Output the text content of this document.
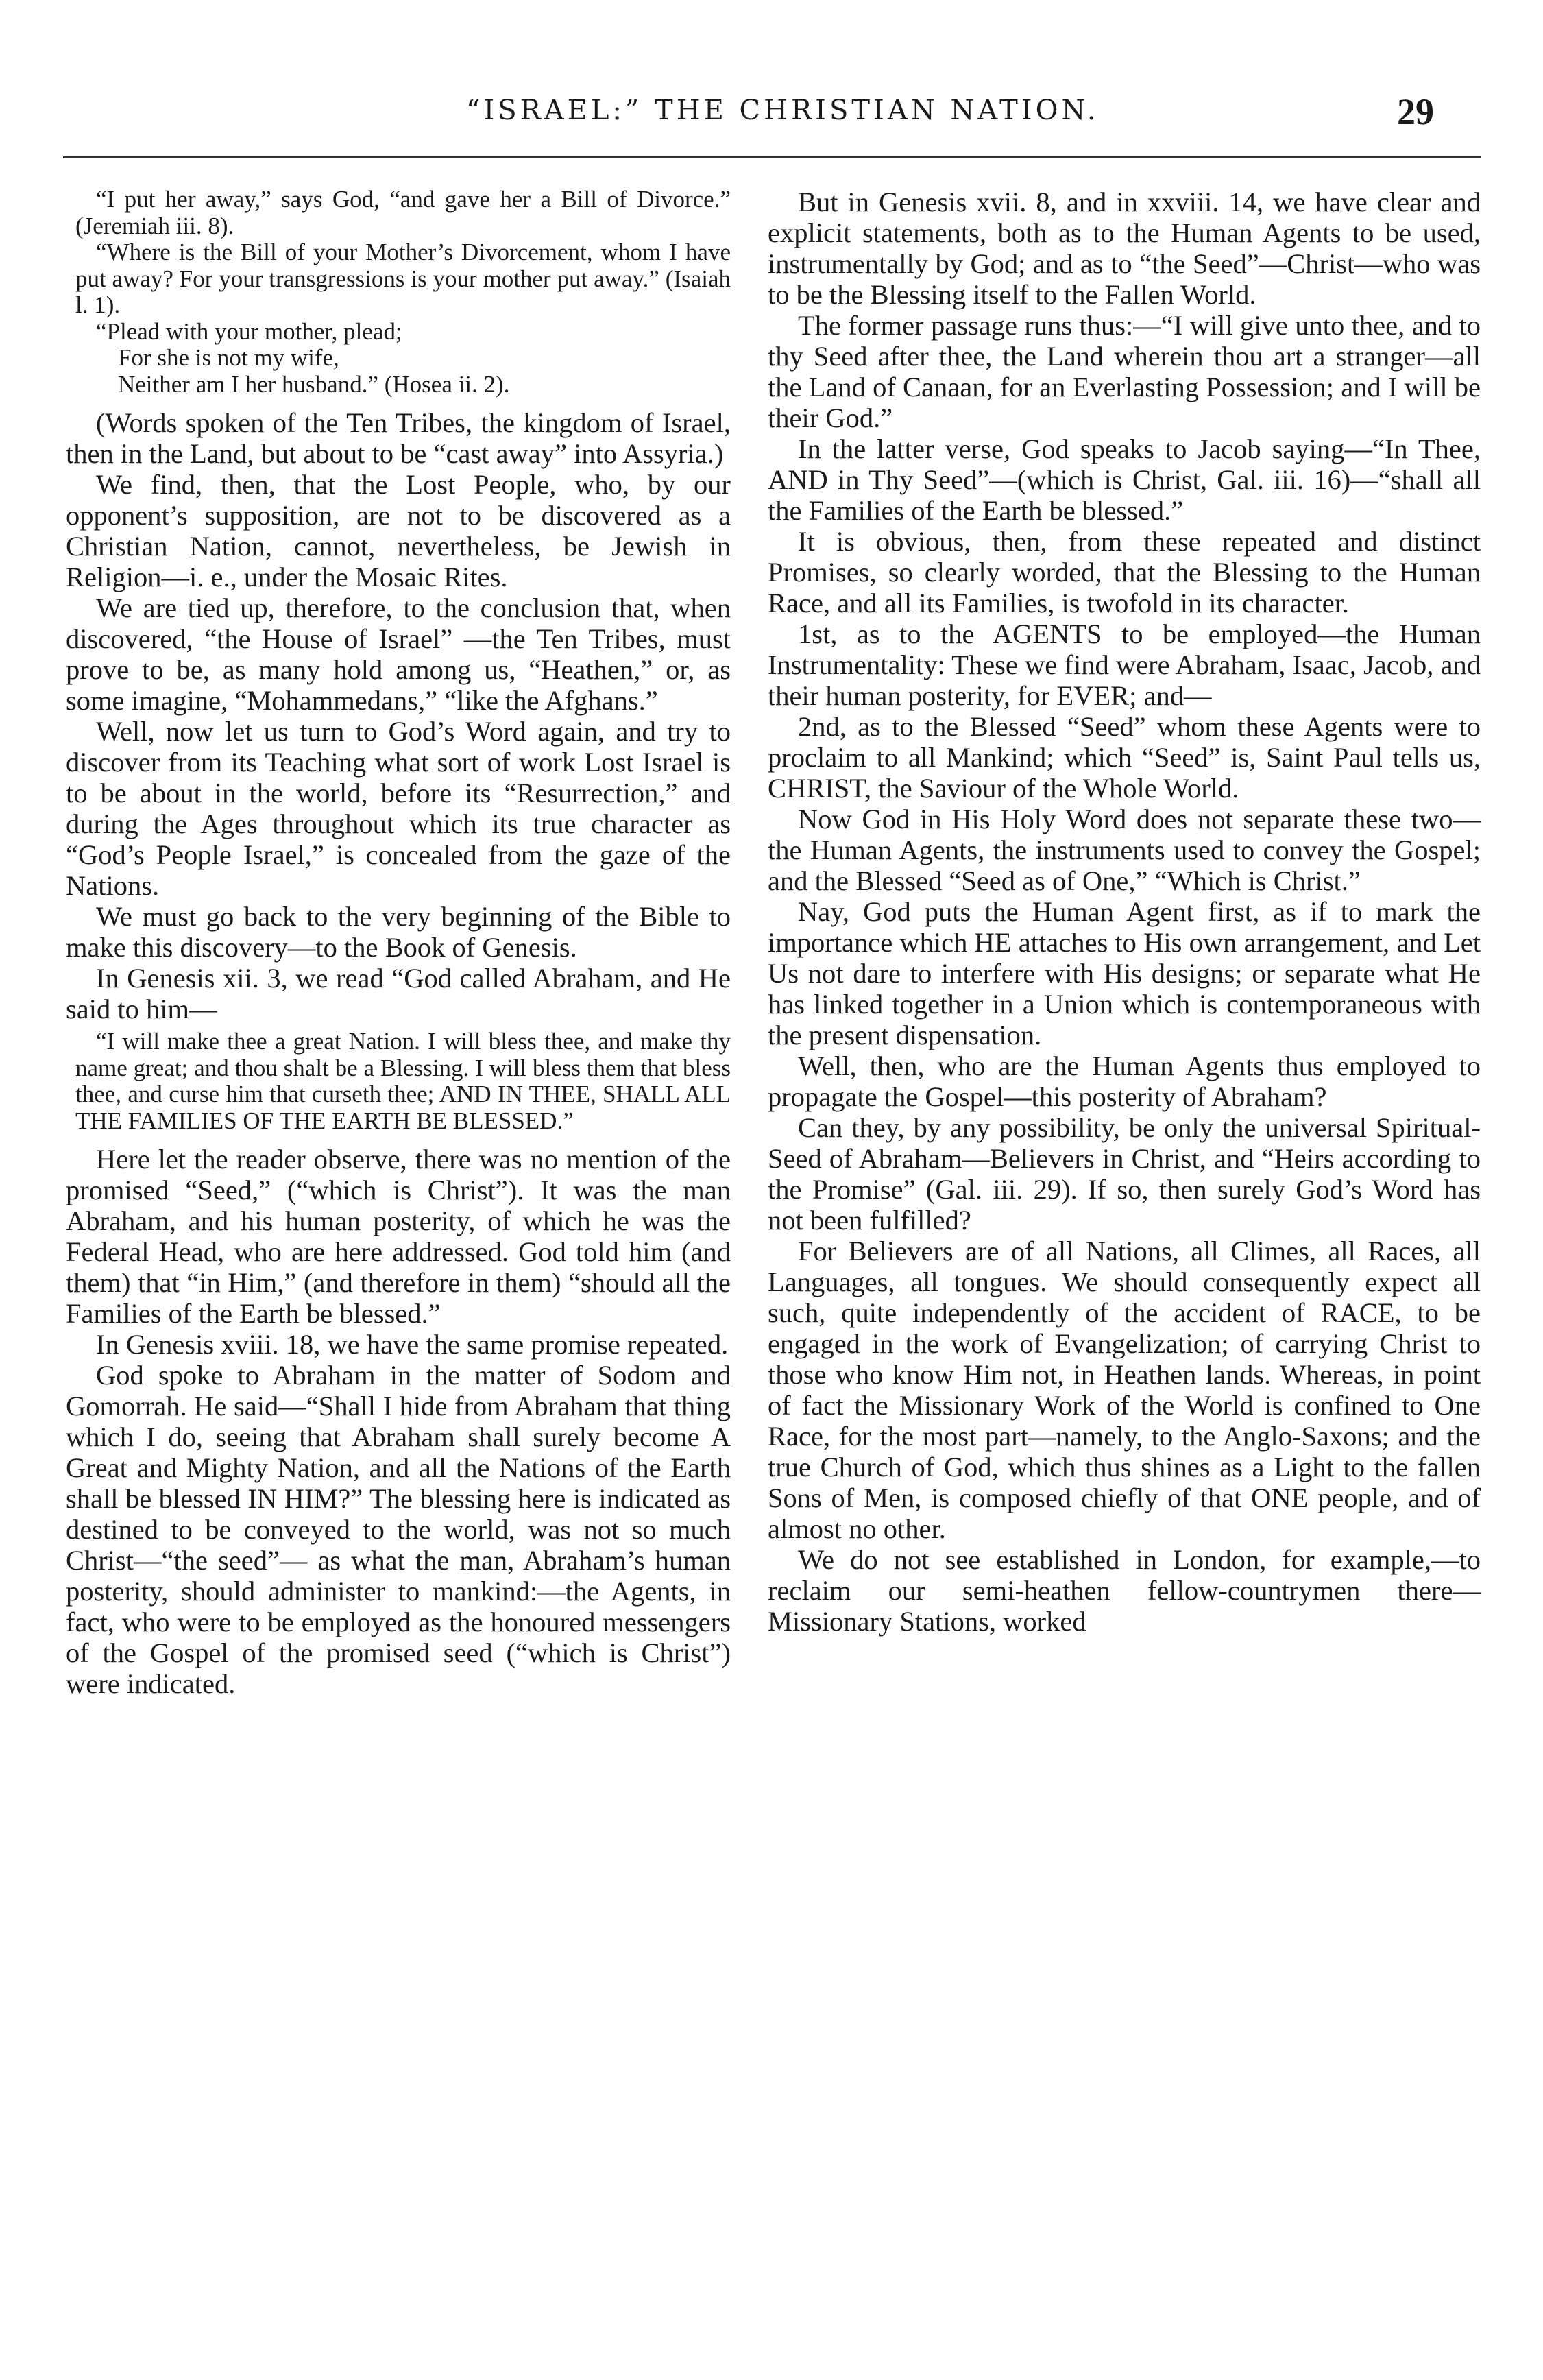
“ISRAEL:” THE CHRISTIAN NATION.	29

“I put her away,” says God, “and gave her a Bill of Divorce.” (Jeremiah iii. 8).

“Where is the Bill of your Mother’s Divorcement, whom I have put away? For your transgressions is your mother put away.” (Isaiah l. 1).

“Plead with your mother, plead;

For she is not my wife,

Neither am I her husband.” (Hosea ii. 2).

(Words spoken of the Ten Tribes, the kingdom of Israel, then in the Land, but about to be “cast away” into Assyria.)

We find, then, that the Lost People, who, by our opponent’s supposition, are not to be discovered as a Christian Nation, cannot, nevertheless, be Jewish in Religion—i. e., under the Mosaic Rites.

We are tied up, therefore, to the conclusion that, when discovered, “the House of Israel” —the Ten Tribes, must prove to be, as many hold among us, “Heathen,” or, as some imagine, “Mohammedans,” “like the Afghans.”

Well, now let us turn to God’s Word again, and try to discover from its Teaching what sort of work Lost Israel is to be about in the world, before its “Resurrection,” and during the Ages throughout which its true character as “God’s People Israel,” is concealed from the gaze of the Nations.

We must go back to the very beginning of the Bible to make this discovery—to the Book of Genesis.

In Genesis xii. 3, we read “God called Abraham, and He said to him—

“I will make thee a great Nation. I will bless thee, and make thy name great; and thou shalt be a Blessing. I will bless them that bless thee, and curse him that curseth thee; AND IN THEE, SHALL ALL THE FAMILIES OF THE EARTH BE BLESSED.”

Here let the reader observe, there was no mention of the promised “Seed,” (“which is Christ”). It was the man Abraham, and his human posterity, of which he was the Federal Head, who are here addressed. God told him (and them) that “in Him,” (and therefore in them) “should all the Families of the Earth be blessed.”

In Genesis xviii. 18, we have the same promise repeated.

God spoke to Abraham in the matter of Sodom and Gomorrah. He said—“Shall I hide from Abraham that thing which I do, seeing that Abraham shall surely become A Great and Mighty Nation, and all the Nations of the Earth shall be blessed IN HIM?” The blessing here is indicated as destined to be conveyed to the world, was not so much Christ—“the seed”— as what the man, Abraham’s human posterity, should administer to mankind:—the Agents, in fact, who were to be employed as the honoured messengers of the Gospel of the promised seed (“which is Christ”) were indicated.

But in Genesis xvii. 8, and in xxviii. 14, we have clear and explicit statements, both as to the Human Agents to be used, instrumentally by God; and as to “the Seed”—Christ—who was to be the Blessing itself to the Fallen World.

The former passage runs thus:—“I will give unto thee, and to thy Seed after thee, the Land wherein thou art a stranger—all the Land of Canaan, for an Everlasting Possession; and I will be their God.”

In the latter verse, God speaks to Jacob saying—“In Thee, AND in Thy Seed”—(which is Christ, Gal. iii. 16)—“shall all the Families of the Earth be blessed.”

It is obvious, then, from these repeated and distinct Promises, so clearly worded, that the Blessing to the Human Race, and all its Families, is twofold in its character.

1st, as to the AGENTS to be employed—the Human Instrumentality: These we find were Abraham, Isaac, Jacob, and their human posterity, for EVER; and—

2nd, as to the Blessed “Seed” whom these Agents were to proclaim to all Mankind; which “Seed” is, Saint Paul tells us, CHRIST, the Saviour of the Whole World.

Now God in His Holy Word does not separate these two—the Human Agents, the instruments used to convey the Gospel; and the Blessed “Seed as of One,” “Which is Christ.”

Nay, God puts the Human Agent first, as if to mark the importance which HE attaches to His own arrangement, and Let Us not dare to interfere with His designs; or separate what He has linked together in a Union which is contemporaneous with the present dispensation.

Well, then, who are the Human Agents thus employed to propagate the Gospel—this posterity of Abraham?

Can they, by any possibility, be only the universal Spiritual-Seed of Abraham—Believers in Christ, and “Heirs according to the Promise” (Gal. iii. 29). If so, then surely God’s Word has not been fulfilled?

For Believers are of all Nations, all Climes, all Races, all Languages, all tongues. We should consequently expect all such, quite independently of the accident of RACE, to be engaged in the work of Evangelization; of carrying Christ to those who know Him not, in Heathen lands. Whereas, in point of fact the Missionary Work of the World is confined to One Race, for the most part—namely, to the Anglo-Saxons; and the true Church of God, which thus shines as a Light to the fallen Sons of Men, is composed chiefly of that ONE people, and of almost no other.

We do not see established in London, for example,—to reclaim our semi-heathen fellow-countrymen there— Missionary Stations, worked
